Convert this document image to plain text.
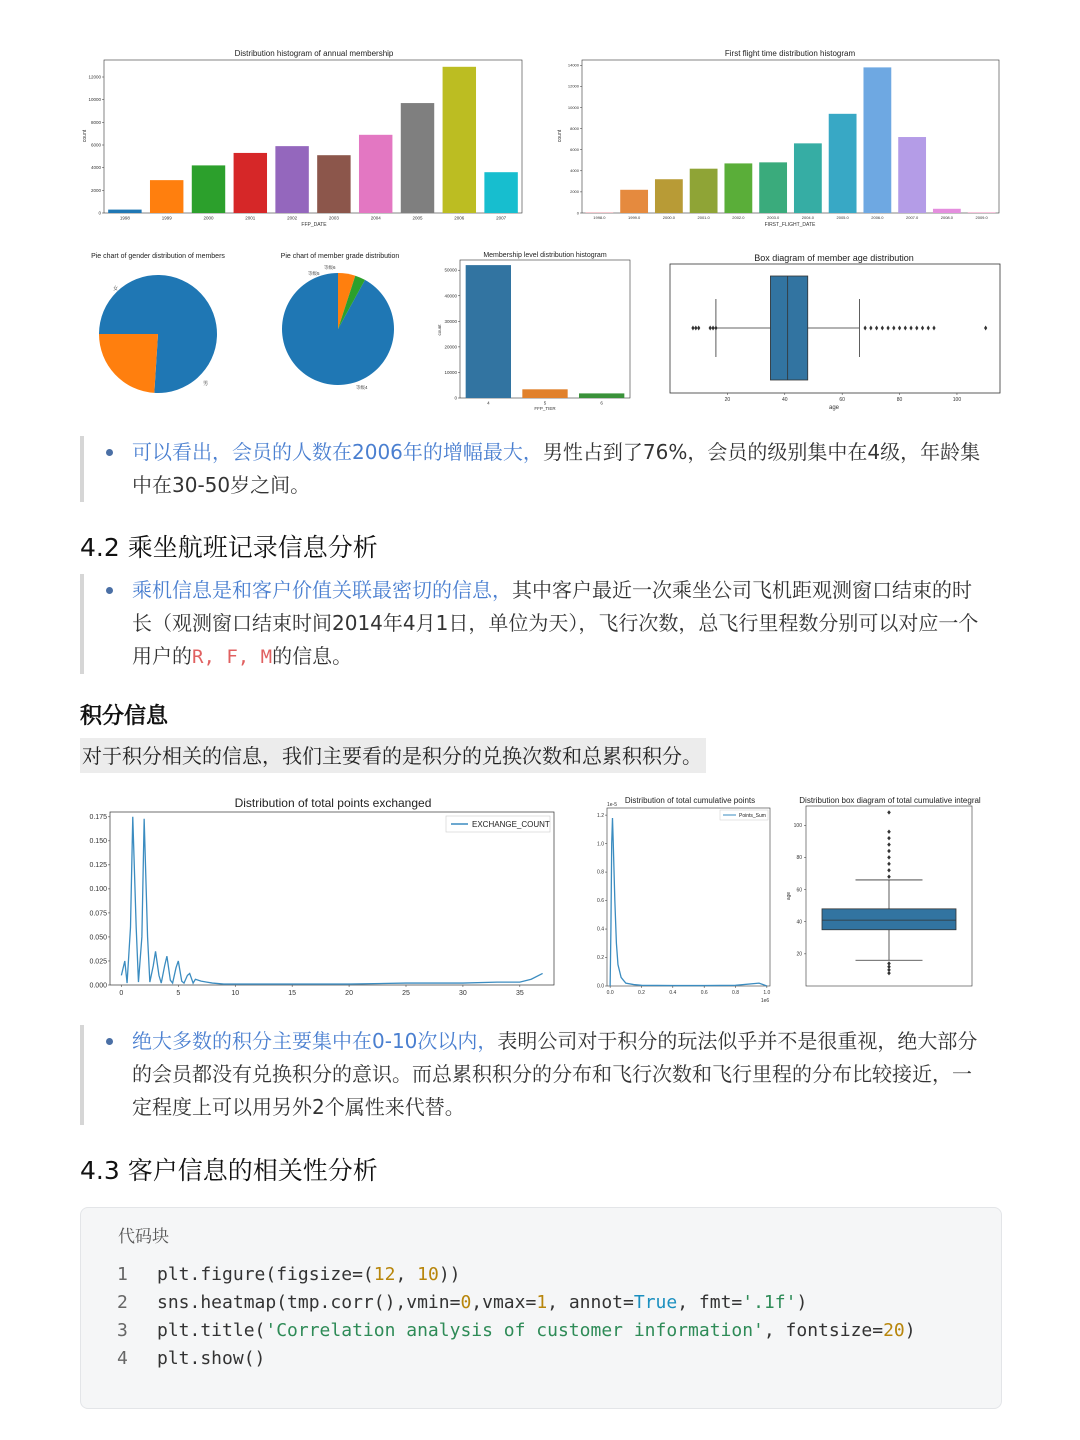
Distribution histogram of annual membership
1998	1999	2000	2001	2002	2003	2004	2005	2006	2007
0
2000
4000
6000
8000
10000
12000
count
FFP_DATE
First flight time distribution histogram
1998.0	1999.0	2000.0	2001.0	2002.0	2003.0	2004.0	2005.0	2006.0	2007.0	2008.0	2009.0
0
2000
4000
6000
8000
10000
12000
14000
count
FIRST_FLIGHT_DATE
Pie chart of gender distribution of members
女
男
Pie chart of member grade distribution
等级5
等级6
等级4
Membership level distribution histogram
4	5	6
0
10000
20000
30000
40000
50000
count
FFP_TIER
Box diagram of member age distribution
20	40	60	80	100
age
可以看出，会员的人数在2006年的增幅最大，男性占到了76%，会员的级别集中在4级，年龄集
中在30-50岁之间。
4.2 乘坐航班记录信息分析
乘机信息是和客户价值关联最密切的信息，其中客户最近一次乘坐公司飞机距观测窗口结束的时
长（观测窗口结束时间2014年4月1日，单位为天），飞行次数，总飞行里程数分别可以对应一个
用户的R, F, M的信息。
积分信息
对于积分相关的信息，我们主要看的是积分的兑换次数和总累积积分。
Distribution of total points exchanged
0	5	10	15	20	25	30	35
0.000
0.025
0.050
0.075
0.100
0.125
0.150
0.175
EXCHANGE_COUNT
Distribution of total cumulative points
1e-5
0.0	0.2	0.4	0.6	0.8	1.0
0.0
0.2
0.4
0.6
0.8
1.0
1.2	Points_Sum
1e6
Distribution box diagram of total cumulative integral
20
40
60
80
100
age
绝大多数的积分主要集中在0-10次以内，表明公司对于积分的玩法似乎并不是很重视，绝大部分
的会员都没有兑换积分的意识。而总累积积分的分布和飞行次数和飞行里程的分布比较接近，一
定程度上可以用另外2个属性来代替。
4.3 客户信息的相关性分析
代码块
1 plt.figure(figsize=(12, 10))
2 sns.heatmap(tmp.corr(),vmin=0,vmax=1, annot=True, fmt='.1f')
3 plt.title('Correlation analysis of customer information', fontsize=20)
4 plt.show()
